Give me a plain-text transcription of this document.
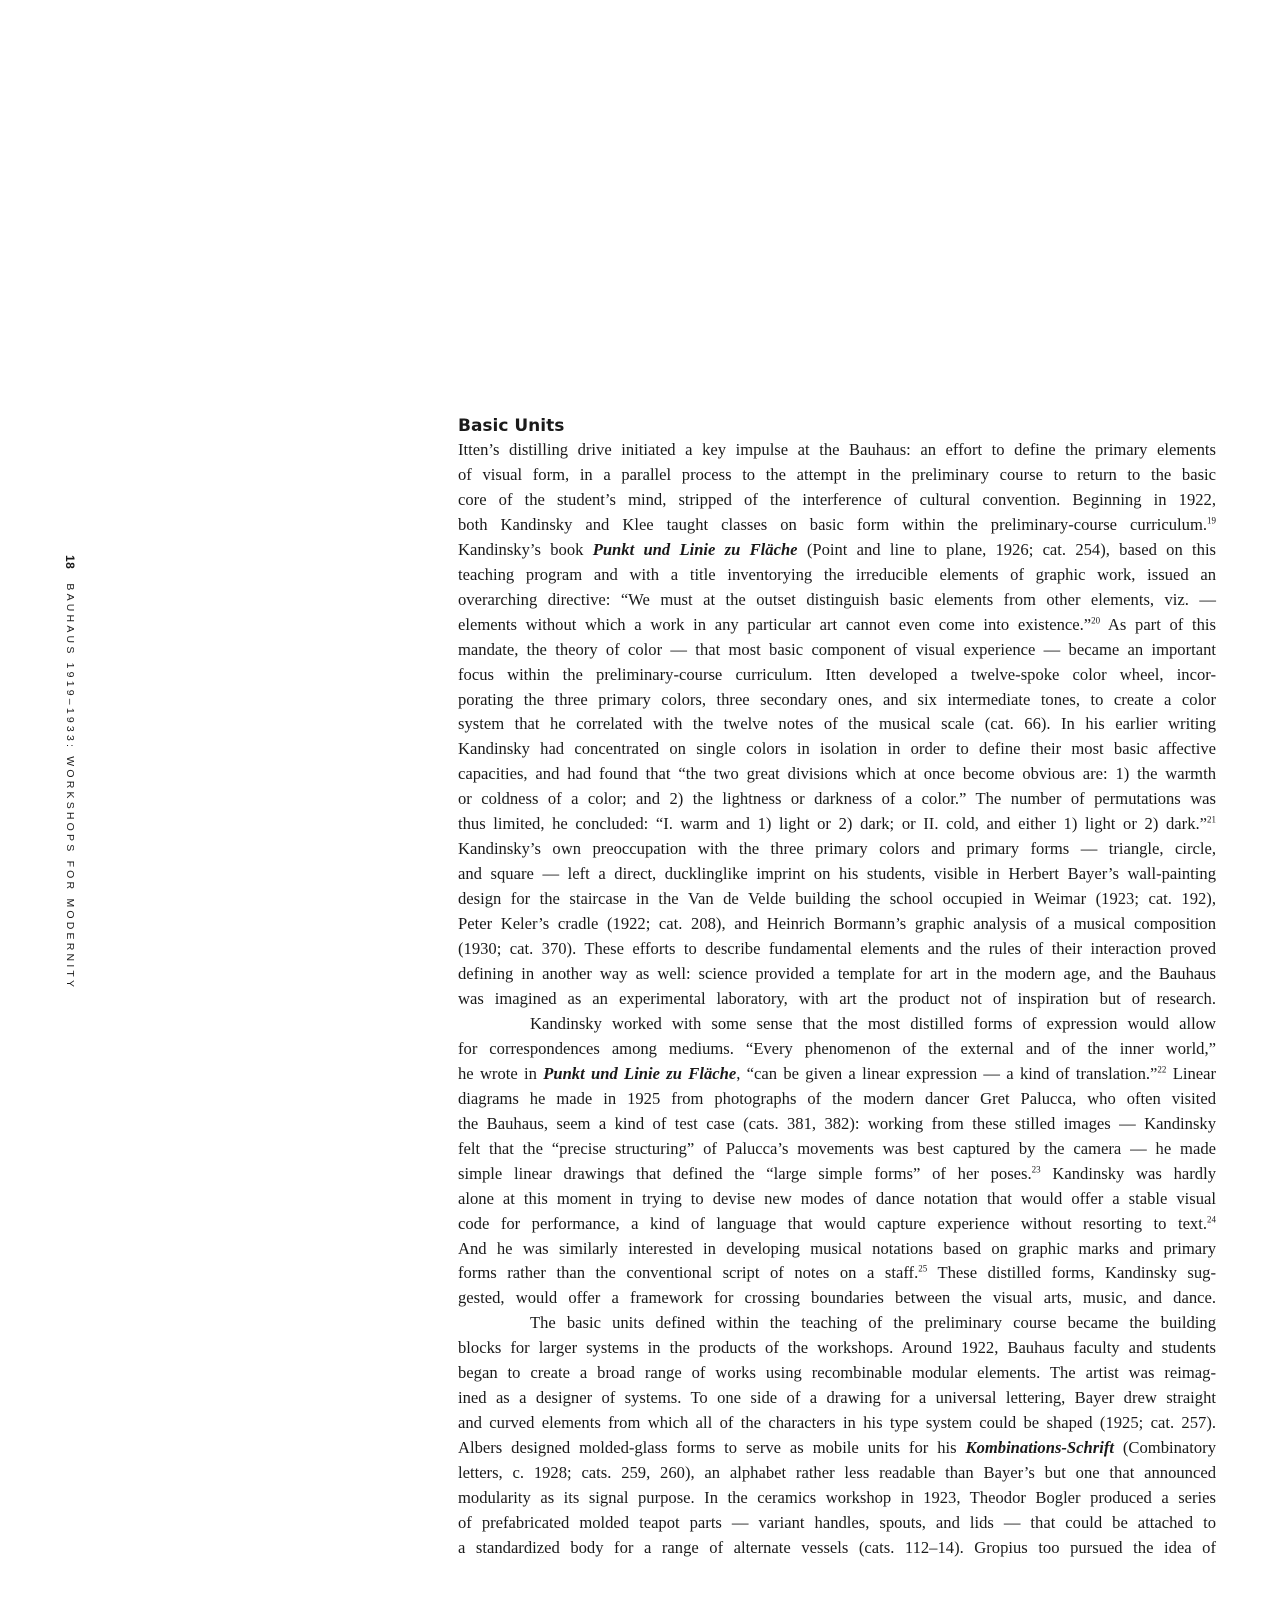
18
BAUHAUS 1919–1933: WORKSHOPS FOR MODERNITY
Basic Units

Itten’s distilling drive initiated a key impulse at the Bauhaus: an effort to define the primary elements
of visual form, in a parallel process to the attempt in the preliminary course to return to the basic
core of the student’s mind, stripped of the interference of cultural convention. Beginning in 1922,
both Kandinsky and Klee taught classes on basic form within the preliminary-course curriculum.$^{19}$
Kandinsky’s book Punkt und Linie zu Fläche (Point and line to plane, 1926; cat. 254), based on this
teaching program and with a title inventorying the irreducible elements of graphic work, issued an
overarching directive: “We must at the outset distinguish basic elements from other elements, viz. —
elements without which a work in any particular art cannot even come into existence.”$^{20}$ As part of this
mandate, the theory of color — that most basic component of visual experience — became an important
focus within the preliminary-course curriculum. Itten developed a twelve-spoke color wheel, incor-
porating the three primary colors, three secondary ones, and six intermediate tones, to create a color
system that he correlated with the twelve notes of the musical scale (cat. 66). In his earlier writing
Kandinsky had concentrated on single colors in isolation in order to define their most basic affective
capacities, and had found that “the two great divisions which at once become obvious are: 1) the warmth
or coldness of a color; and 2) the lightness or darkness of a color.” The number of permutations was
thus limited, he concluded: “I. warm and 1) light or 2) dark; or II. cold, and either 1) light or 2) dark.”$^{21}$
Kandinsky’s own preoccupation with the three primary colors and primary forms — triangle, circle,
and square — left a direct, ducklinglike imprint on his students, visible in Herbert Bayer’s wall-painting
design for the staircase in the Van de Velde building the school occupied in Weimar (1923; cat. 192),
Peter Keler’s cradle (1922; cat. 208), and Heinrich Bormann’s graphic analysis of a musical composition
(1930; cat. 370). These efforts to describe fundamental elements and the rules of their interaction proved
defining in another way as well: science provided a template for art in the modern age, and the Bauhaus
was imagined as an experimental laboratory, with art the product not of inspiration but of research.

Kandinsky worked with some sense that the most distilled forms of expression would allow
for correspondences among mediums. “Every phenomenon of the external and of the inner world,”
he wrote in Punkt und Linie zu Fläche, “can be given a linear expression — a kind of translation.”$^{22}$ Linear
diagrams he made in 1925 from photographs of the modern dancer Gret Palucca, who often visited
the Bauhaus, seem a kind of test case (cats. 381, 382): working from these stilled images — Kandinsky
felt that the “precise structuring” of Palucca’s movements was best captured by the camera — he made
simple linear drawings that defined the “large simple forms” of her poses.$^{23}$ Kandinsky was hardly
alone at this moment in trying to devise new modes of dance notation that would offer a stable visual
code for performance, a kind of language that would capture experience without resorting to text.$^{24}$
And he was similarly interested in developing musical notations based on graphic marks and primary
forms rather than the conventional script of notes on a staff.$^{25}$ These distilled forms, Kandinsky sug-
gested, would offer a framework for crossing boundaries between the visual arts, music, and dance.

The basic units defined within the teaching of the preliminary course became the building
blocks for larger systems in the products of the workshops. Around 1922, Bauhaus faculty and students
began to create a broad range of works using recombinable modular elements. The artist was reimag-
ined as a designer of systems. To one side of a drawing for a universal lettering, Bayer drew straight
and curved elements from which all of the characters in his type system could be shaped (1925; cat. 257).
Albers designed molded-glass forms to serve as mobile units for his Kombinations-Schrift (Combinatory
letters, c. 1928; cats. 259, 260), an alphabet rather less readable than Bayer’s but one that announced
modularity as its signal purpose. In the ceramics workshop in 1923, Theodor Bogler produced a series
of prefabricated molded teapot parts — variant handles, spouts, and lids — that could be attached to
a standardized body for a range of alternate vessels (cats. 112–14). Gropius too pursued the idea of
